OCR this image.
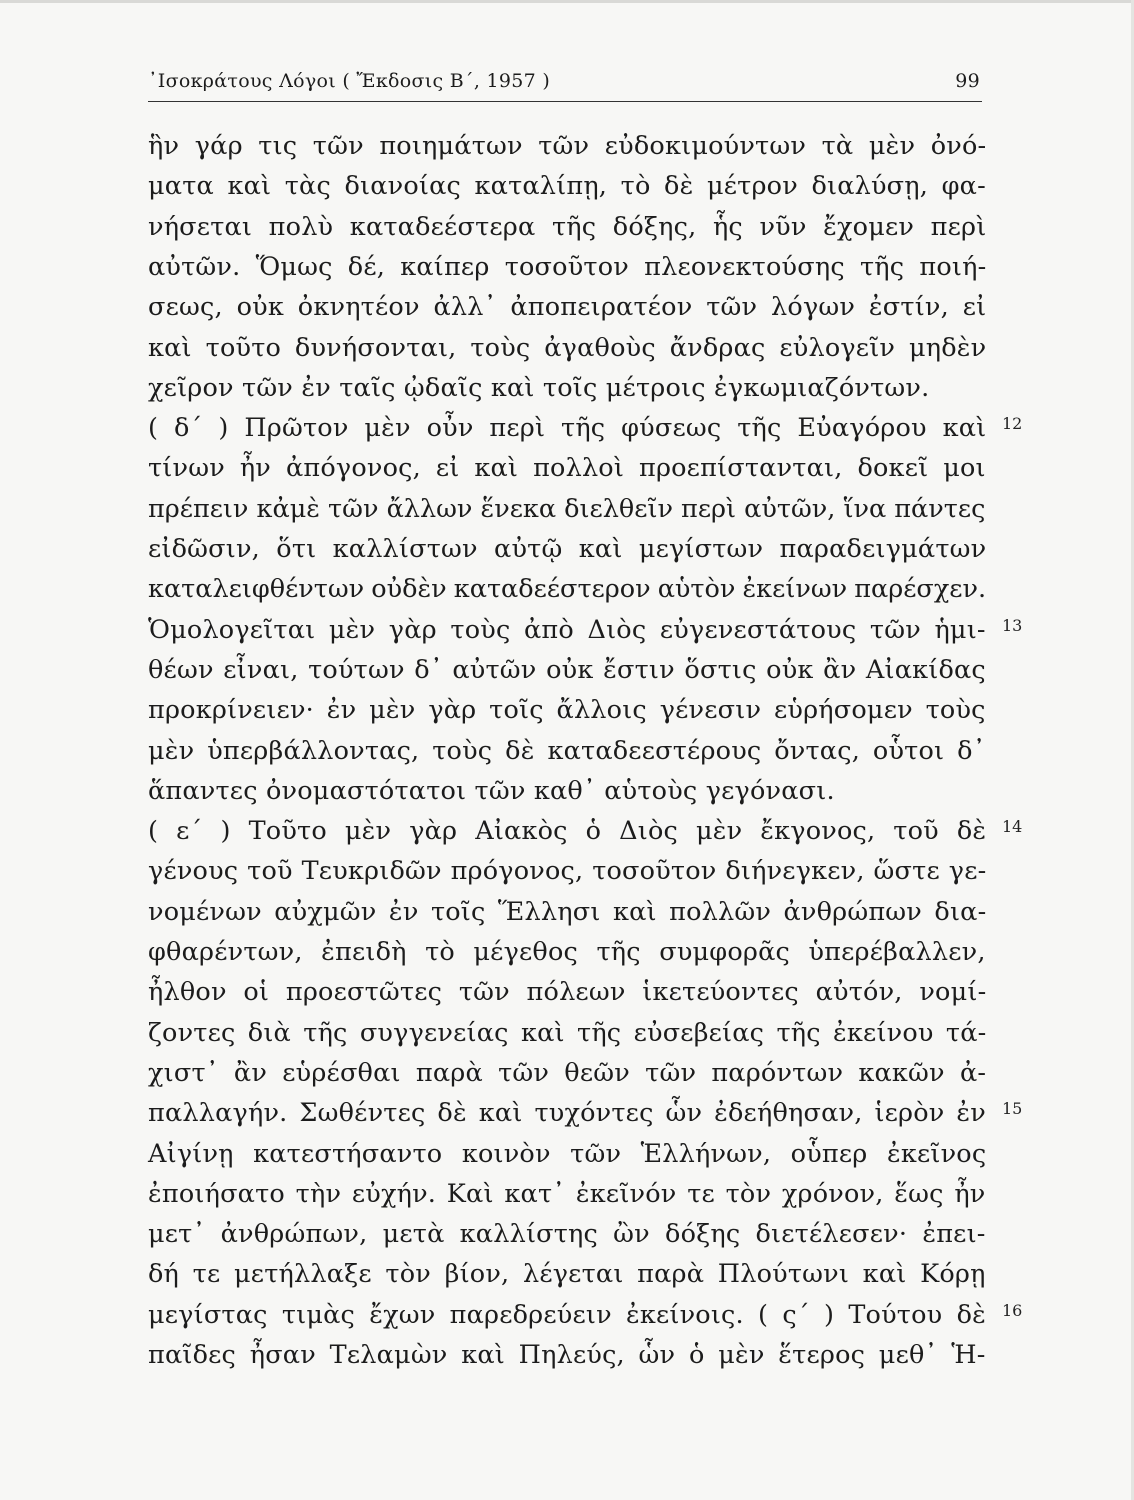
᾿Ισοκράτους Λόγοι ( Ἔκδοσις Β΄, 1957 )	99
ἣν γάρ τις τῶν ποιημάτων τῶν εὐδοκιμούντων τὰ μὲν ὀνό-
ματα καὶ τὰς διανοίας καταλίπῃ, τὸ δὲ μέτρον διαλύσῃ, φα-
νήσεται πολὺ καταδεέστερα τῆς δόξης, ἧς νῦν ἔχομεν περὶ
αὐτῶν. Ὅμως δέ, καίπερ τοσοῦτον πλεονεκτούσης τῆς ποιή-
σεως, οὐκ ὀκνητέον ἀλλ᾿ ἀποπειρατέον τῶν λόγων ἐστίν, εἰ
καὶ τοῦτο δυνήσονται, τοὺς ἀγαθοὺς ἄνδρας εὐλογεῖν μηδὲν
χεῖρον τῶν ἐν ταῖς ᾠδαῖς καὶ τοῖς μέτροις ἐγκωμιαζόντων.
( δ΄ ) Πρῶτον μὲν οὖν περὶ τῆς φύσεως τῆς Εὐαγόρου καὶ
τίνων ἦν ἀπόγονος, εἰ καὶ πολλοὶ προεπίστανται, δοκεῖ μοι
πρέπειν κἀμὲ τῶν ἄλλων ἕνεκα διελθεῖν περὶ αὐτῶν, ἵνα πάντες
εἰδῶσιν, ὅτι καλλίστων αὐτῷ καὶ μεγίστων παραδειγμάτων
καταλειφθέντων οὐδὲν καταδεέστερον αὑτὸν ἐκείνων παρέσχεν.
Ὁμολογεῖται μὲν γὰρ τοὺς ἀπὸ Διὸς εὐγενεστάτους τῶν ἡμι-
θέων εἶναι, τούτων δ᾿ αὐτῶν οὐκ ἔστιν ὅστις οὐκ ἂν Αἰακίδας
προκρίνειεν· ἐν μὲν γὰρ τοῖς ἄλλοις γένεσιν εὑρήσομεν τοὺς
μὲν ὑπερβάλλοντας, τοὺς δὲ καταδεεστέρους ὄντας, οὗτοι δ᾿
ἅπαντες ὀνομαστότατοι τῶν καθ᾿ αὑτοὺς γεγόνασι.
( ε΄ ) Τοῦτο μὲν γὰρ Αἰακὸς ὁ Διὸς μὲν ἔκγονος, τοῦ δὲ
γένους τοῦ Τευκριδῶν πρόγονος, τοσοῦτον διήνεγκεν, ὥστε γε-
νομένων αὐχμῶν ἐν τοῖς Ἕλλησι καὶ πολλῶν ἀνθρώπων δια-
φθαρέντων, ἐπειδὴ τὸ μέγεθος τῆς συμφορᾶς ὑπερέβαλλεν,
ἦλθον οἱ προεστῶτες τῶν πόλεων ἱκετεύοντες αὐτόν, νομί-
ζοντες διὰ τῆς συγγενείας καὶ τῆς εὐσεβείας τῆς ἐκείνου τά-
χιστ᾿ ἂν εὑρέσθαι παρὰ τῶν θεῶν τῶν παρόντων κακῶν ἀ-
παλλαγήν. Σωθέντες δὲ καὶ τυχόντες ὧν ἐδεήθησαν, ἱερὸν ἐν
Αἰγίνῃ κατεστήσαντο κοινὸν τῶν Ἑλλήνων, οὗπερ ἐκεῖνος
ἐποιήσατο τὴν εὐχήν. Καὶ κατ᾿ ἐκεῖνόν τε τὸν χρόνον, ἕως ἦν
μετ᾿ ἀνθρώπων, μετὰ καλλίστης ὢν δόξης διετέλεσεν· ἐπει-
δή τε μετήλλαξε τὸν βίον, λέγεται παρὰ Πλούτωνι καὶ Κόρῃ
μεγίστας τιμὰς ἔχων παρεδρεύειν ἐκείνοις. ( ς΄ ) Τούτου δὲ
παῖδες ἦσαν Τελαμὼν καὶ Πηλεύς, ὧν ὁ μὲν ἕτερος μεθ᾿ Ἡ-
12
13
14
15
16
